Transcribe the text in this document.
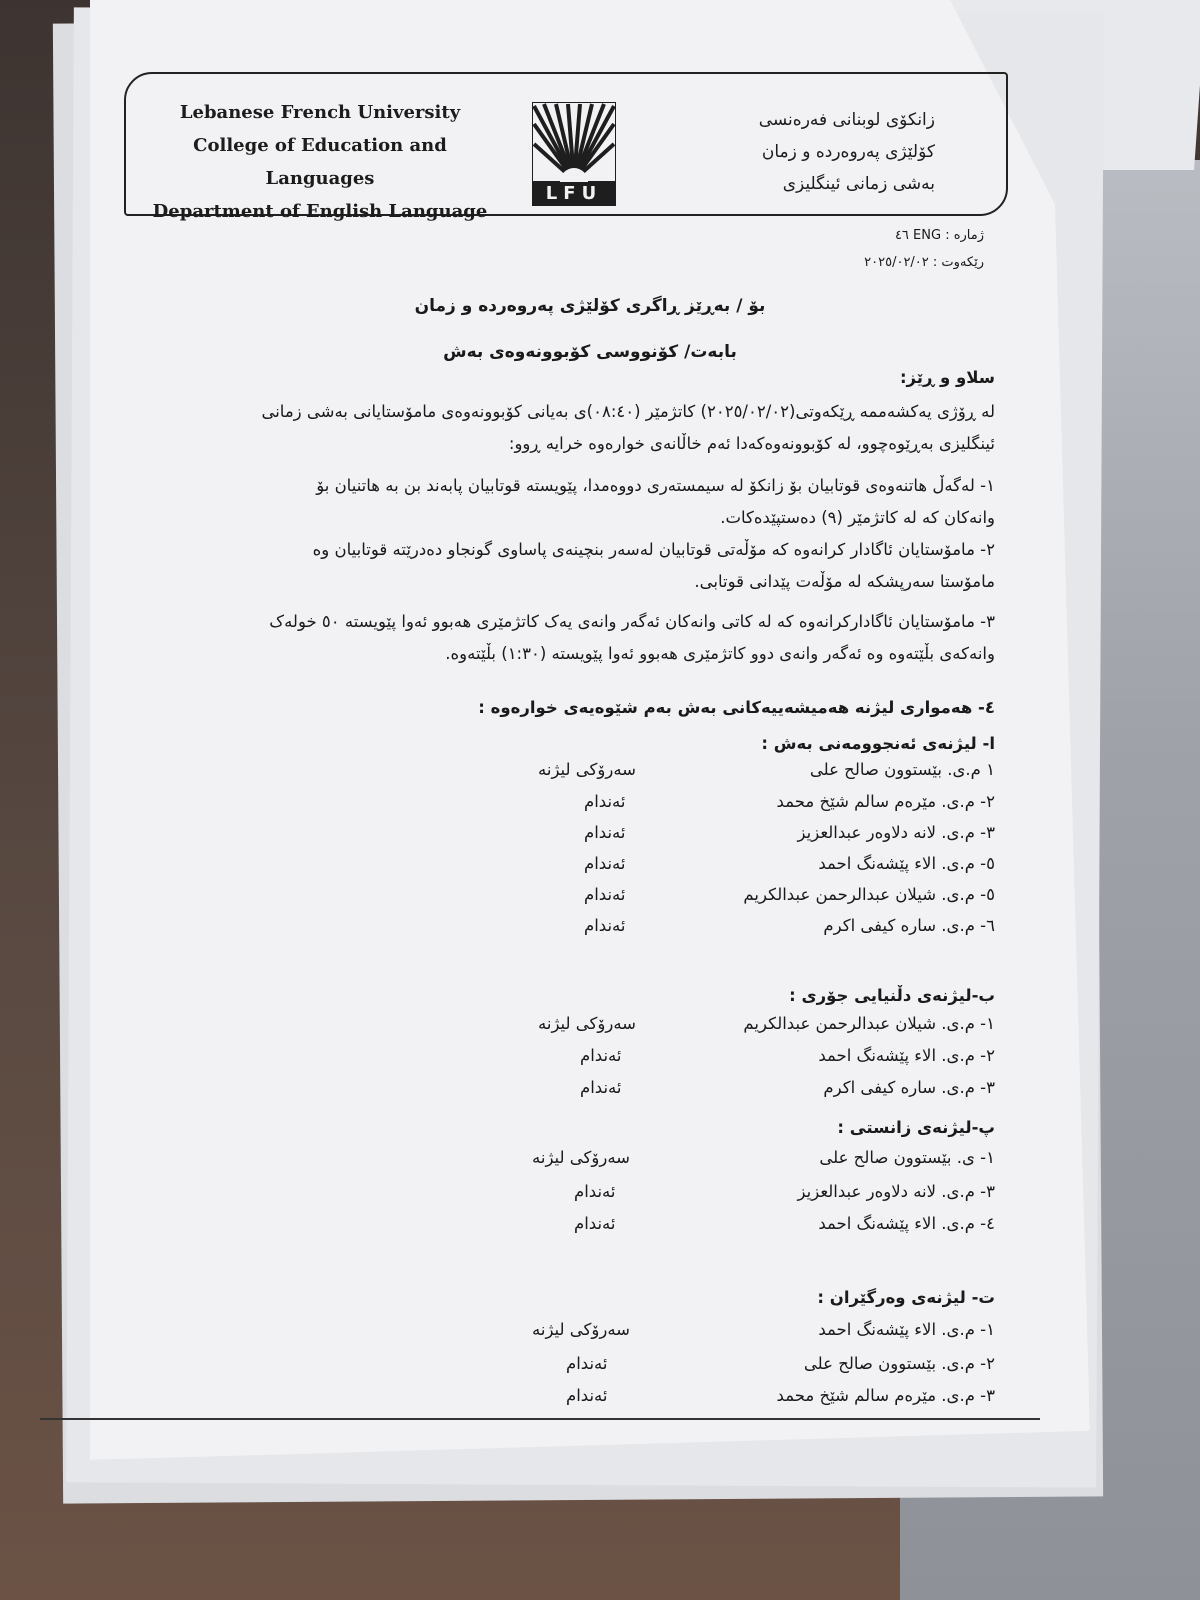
Lebanese French University
College of Education and Languages
Department of English Language
زانکۆی لوبنانی فەرەنسی
کۆلێژی پەروەردە و زمان
بەشی زمانی ئینگلیزی
LFU
ژمارە : ENG ٤٦
رێکەوت : ٢٠٢٥/٠٢/٠٢
بۆ / بەڕێز ڕاگری کۆلێژی پەروەردە و زمان
بابەت/ کۆنووسی کۆبوونەوەی بەش
سلاو و ڕێز:
لە ڕۆژی یەکشەممە ڕێکەوتی(٢٠٢٥/٠٢/٠٢) کاتژمێر (٠٨:٤٠)ی بەیانی کۆبوونەوەی مامۆستایانی بەشی زمانی
ئینگلیزی بەڕێوەچوو، لە کۆبوونەوەکەدا ئەم خاڵانەی خوارەوە خرایە ڕوو:
١- لەگەڵ هاتنەوەی قوتابیان بۆ زانکۆ لە سیمستەری دووەمدا، پێویستە قوتابیان پابەند بن بە هاتنیان بۆ
وانەکان کە لە کاتژمێر (٩) دەستپێدەکات.
٢- مامۆستایان ئاگادار کرانەوە کە مۆڵەتی قوتابیان لەسەر بنچینەی پاساوی گونجاو دەدرێتە قوتابیان وە
مامۆستا سەرپشکە لە مۆڵەت پێدانی قوتابی.
٣- مامۆستایان ئاگادارکرانەوە کە لە کاتی وانەکان ئەگەر وانەی یەک کاتژمێری هەبوو ئەوا پێویستە ٥٠ خولەک
وانەکەی بڵێتەوە وە ئەگەر وانەی دوو کاتژمێری هەبوو ئەوا پێویستە (١:٣٠) بڵێتەوە.
٤- هەمواری لیژنە هەمیشەییەکانی بەش بەم شێوەیەی خوارەوە :
ا- لیژنەی ئەنجوومەنی بەش :
١ م.ی. بێستوون صالح علی
سەرۆکی لیژنە
٢- م.ی. مێرەم سالم شێخ محمد
ئەندام
٣- م.ی. لانە دلاوەر عبدالعزیز
ئەندام
٥- م.ی. الاء پێشەنگ احمد
ئەندام
٥- م.ی. شیلان عبدالرحمن عبدالکریم
ئەندام
٦- م.ی. سارە کیفی اکرم
ئەندام
ب-لیژنەی دڵنیایی جۆری :
١- م.ی. شیلان عبدالرحمن عبدالکریم
سەرۆکی لیژنە
٢- م.ی. الاء پێشەنگ احمد
ئەندام
٣- م.ی. سارە کیفی اکرم
ئەندام
پ-لیژنەی زانستی :
١- ی. بێستوون صالح علی
سەرۆکی لیژنە
٣- م.ی. لانە دلاوەر عبدالعزیز
ئەندام
٤- م.ی. الاء پێشەنگ احمد
ئەندام
ت- لیژنەی وەرگێران :
١- م.ی. الاء پێشەنگ احمد
سەرۆکی لیژنە
٢- م.ی. بێستوون صالح علی
ئەندام
٣- م.ی. مێرەم سالم شێخ محمد
ئەندام
